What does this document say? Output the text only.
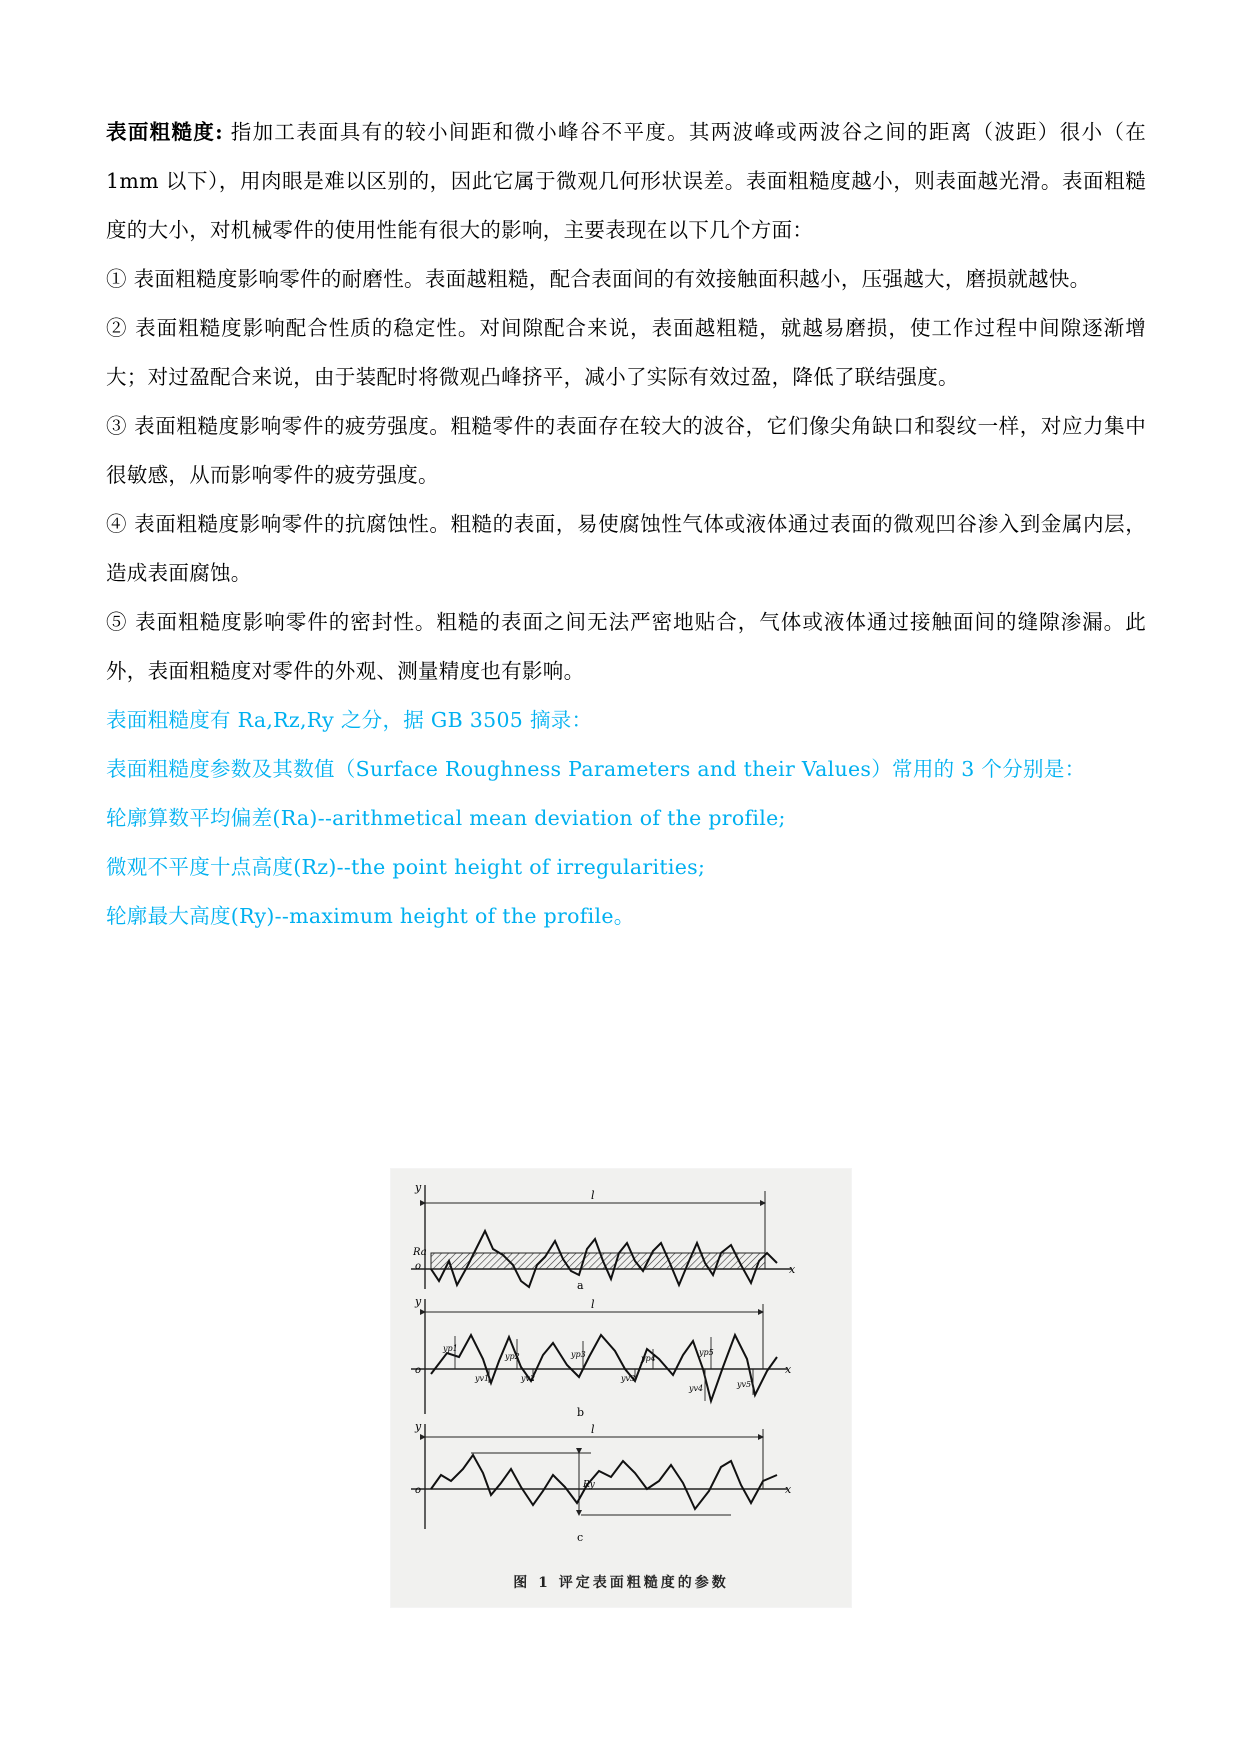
表面粗糙度: 指加工表面具有的较小间距和微小峰谷不平度。其两波峰或两波谷之间的距离（波距）很小（在 1mm 以下），用肉眼是难以区别的，因此它属于微观几何形状误差。表面粗糙度越小，则表面越光滑。表面粗糙度的大小，对机械零件的使用性能有很大的影响，主要表现在以下几个方面：

① 表面粗糙度影响零件的耐磨性。表面越粗糙，配合表面间的有效接触面积越小，压强越大，磨损就越快。

② 表面粗糙度影响配合性质的稳定性。对间隙配合来说，表面越粗糙，就越易磨损，使工作过程中间隙逐渐增大；对过盈配合来说，由于装配时将微观凸峰挤平，减小了实际有效过盈，降低了联结强度。

③ 表面粗糙度影响零件的疲劳强度。粗糙零件的表面存在较大的波谷，它们像尖角缺口和裂纹一样，对应力集中很敏感，从而影响零件的疲劳强度。

④ 表面粗糙度影响零件的抗腐蚀性。粗糙的表面，易使腐蚀性气体或液体通过表面的微观凹谷渗入到金属内层，造成表面腐蚀。

⑤ 表面粗糙度影响零件的密封性。粗糙的表面之间无法严密地贴合，气体或液体通过接触面间的缝隙渗漏。此外，表面粗糙度对零件的外观、测量精度也有影响。

表面粗糙度有 Ra,Rz,Ry 之分，据 GB 3505 摘录：

表面粗糙度参数及其数值（Surface Roughness Parameters and their Values）常用的 3 个分别是：

轮廓算数平均偏差(Ra)--arithmetical mean deviation of the profile;

微观不平度十点高度(Rz)--the point height of irregularities;

轮廓最大高度(Ry)--maximum height of the profile。

y
x
o
l
Ra
a
yp1
yp2	yp3	yp4
yp5
yv1	yv2	yv3
yv4	yv5
y
x
o
l
b
Ry
y
x
o
l
c
图 1 评定表面粗糙度的参数
